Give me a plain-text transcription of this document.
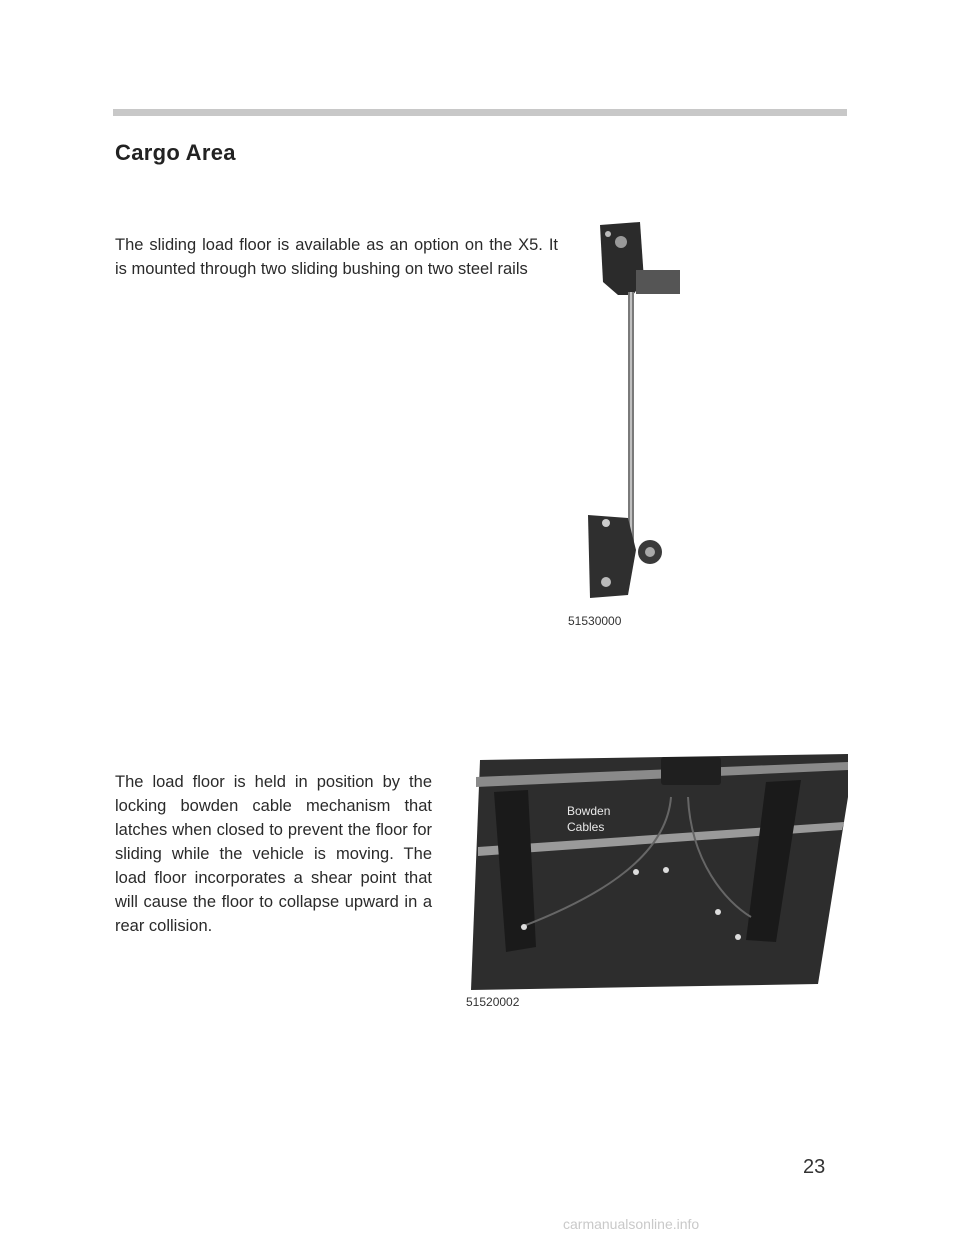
Cargo Area

The sliding load floor is available as an option on the X5. It is mounted through two sliding bushing on two steel rails

51530000

The load floor is held in position by the locking bowden cable mechanism that latches when closed to prevent the floor for sliding while the vehicle is moving. The load floor incorporates a shear point that will cause the floor to collapse upward in a rear collision.

Bowden
Cables
51520002
23
carmanualsonline.info
